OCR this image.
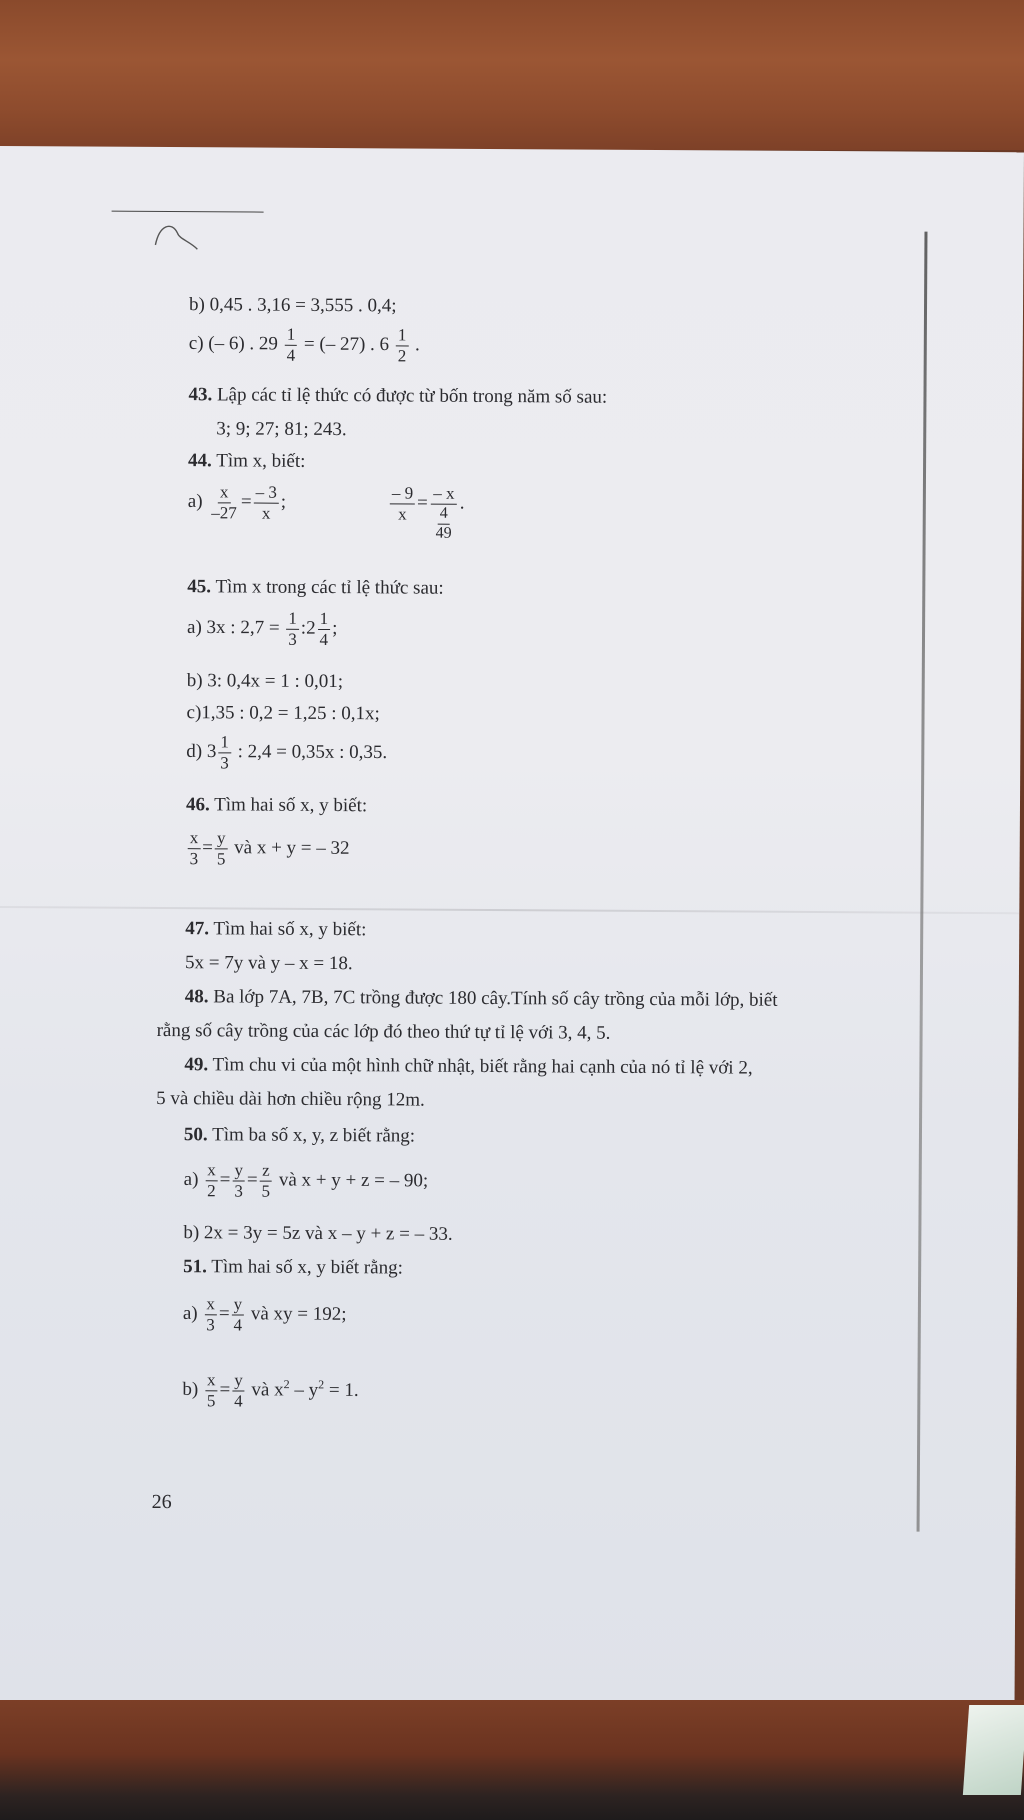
b) 0,45 . 3,16 = 3,555 . 0,4;
c) (– 6) . $29 \frac{1}{4}$ = (– 27) . $6 \frac{1}{2}$ .
43. Lập các tỉ lệ thức có được từ bốn trong năm số sau:
3; 9; 27; 81; 243.
44. Tìm x, biết:
$a) \frac{x}{-27} = \frac{- 3}{x}$ ;	$\frac{- 9}{x} = \frac{- x}{\frac{4}{49}}$ .
45. Tìm x trong các tỉ lệ thức sau:
a) 3x : $2,7 = \frac{1}{3}$ :2 $\frac{1}{4}$ ;
b) 3: 0,4x = 1 : 0,01;
c)1,35 : 0,2 = 1,25 : 0,1x;
d) $3 \frac{1}{3}$ : 2,4 = 0,35x : 0,35.
46. Tìm hai số x, y biết:
$\frac{x}{3} = \frac{y}{5}$ và x + y = – 32
47. Tìm hai số x, y biết:
5x = 7y và y – x = 18.
48. Ba lớp 7A, 7B, 7C trồng được 180 cây.Tính số cây trồng của mỗi lớp, biết
rằng số cây trồng của các lớp đó theo thứ tự tỉ lệ với 3, 4, 5.
49. Tìm chu vi của một hình chữ nhật, biết rằng hai cạnh của nó tỉ lệ với 2,
5 và chiều dài hơn chiều rộng 12m.
50. Tìm ba số x, y, z biết rằng:
$a) \frac{x}{2} = \frac{y}{3} = \frac{z}{5}$ và x + y + z = – 90;
b) 2x = 3y = 5z và x – y + z = – 33.
51. Tìm hai số x, y biết rằng:
$a) \frac{x}{3} = \frac{y}{4}$ và xy = 192;
$b) \frac{x}{5} = \frac{y}{4}$ và $x^2 - y^2 = 1$.
26
